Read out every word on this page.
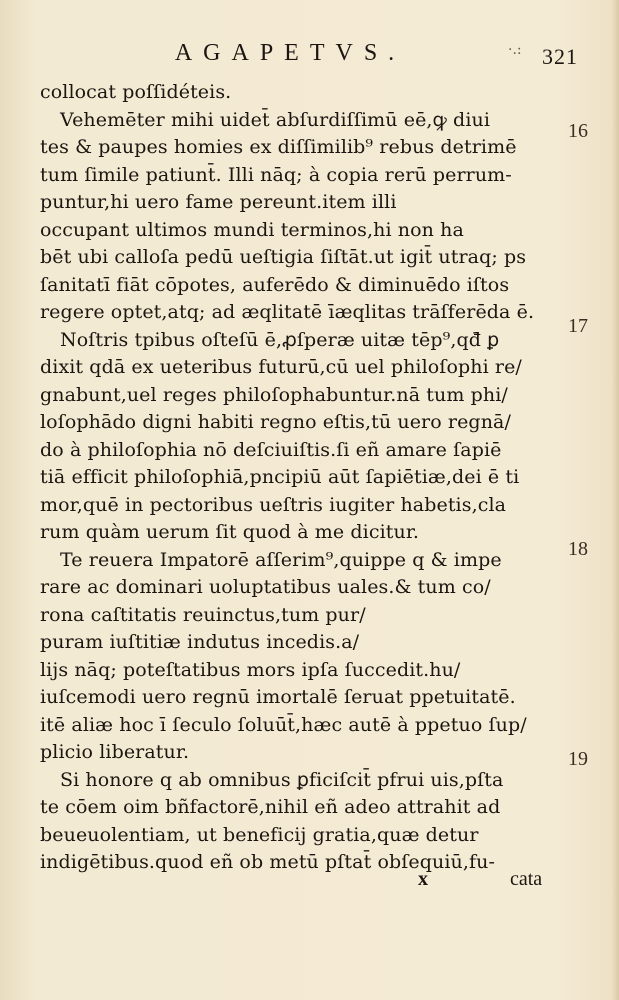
AGAPETVS.	·.: 321
collocat poſſidéteis.
Vehemēter mihi uidet̄ abſurdiſſimū eē,ꝙ diui
tes & paupes homies ex diſſimilib⁹ rebus detrimē
tum ſimile patiunt̄. Illi nāq; à copia rerū perrum-
puntur,hi uero fame pereunt.item illi
occupant ultimos mundi terminos,hi non ha
bēt ubi calloſa pedū ueſtigia ſiſtāt.ut igit̄ utraq; ps
ſanitatī fiāt cōpotes, auferēdo & diminuēdo iſtos
regere optet,atq; ad æqlitatē īæqlitas trāſferēda ē.
Noſtris tpibus oſteſū ē,ꝓſperæ uitæ tēp⁹,qđ̄ ꝑ
dixit qdā ex ueteribus futurū,cū uel philoſophi re/
gnabunt,uel reges philoſophabuntur.nā tum phi/
loſophādo digni habiti regno eſtis,tū uero regnā/
do à philoſophia nō deſciuiſtis.ſi eñ amare ſapiē
tiā efficit philoſophiā,pncipiū aūt ſapiētiæ,dei ē ti
mor,quē in pectoribus ueſtris iugiter habetis,cla
rum quàm uerum ſit quod à me dicitur.
Te reuera Impatorē aſſerim⁹,quippe q & impe
rare ac dominari uoluptatibus uales.& tum co/
rona caſtitatis reuinctus,tum pur/
puram iuſtitiæ indutus incedis.a/
lijs nāq; poteſtatibus mors ipſa ſuccedit.hu/
iuſcemodi uero regnū imortalē ſeruat ppetuitatē.
itē aliæ hoc ī ſeculo ſoluūt̄,hæc autē à ppetuo ſup/
plicio liberatur.
Si honore q ab omnibus ꝑficiſcit̄ pfrui uis,pſta
te cōem oim bñfactorē,nihil eñ adeo attrahit ad
beueuolentiam, ut beneficij gratia,quæ detur
indigētibus.quod eñ ob metū pſtat̄ obſequiū,fu-
16
17
18
19
x	cata
